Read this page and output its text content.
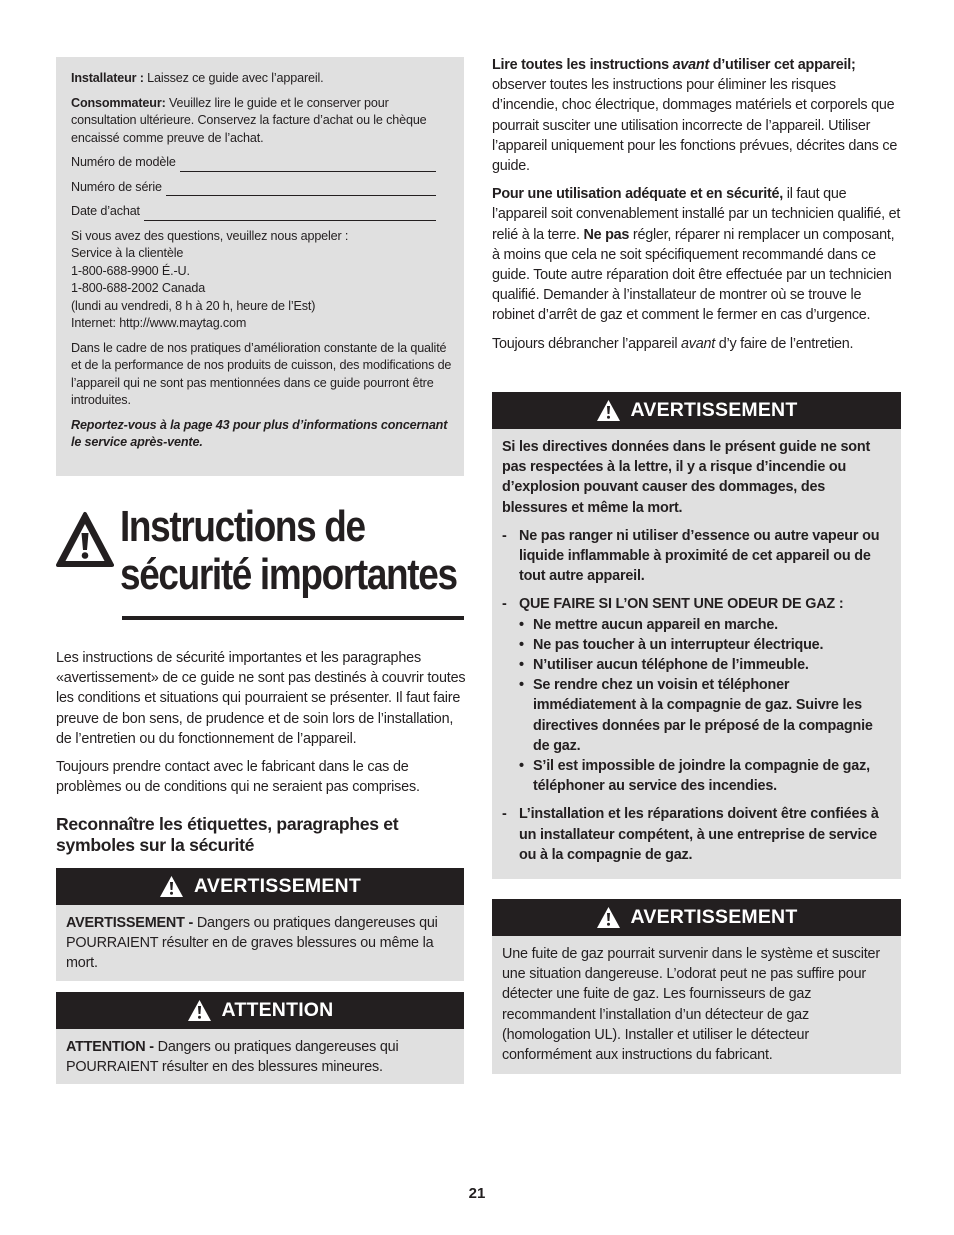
Installateur : Laissez ce guide avec l’appareil.

Consommateur: Veuillez lire le guide et le conserver pour consultation ultérieure. Conservez la facture d’achat ou le chèque encaissé comme preuve de l’achat.

Numéro de modèle
Numéro de série
Date d’achat
Si vous avez des questions, veuillez nous appeler :
Service à la clientèle
1-800-688-9900 É.-U.
1-800-688-2002 Canada
(lundi au vendredi, 8 h à 20 h, heure de l’Est)
Internet: http://www.maytag.com

Dans le cadre de nos pratiques d’amélioration constante de la qualité et de la performance de nos produits de cuisson, des modifications de l’appareil qui ne sont pas mentionnées dans ce guide pourront être introduites.

Reportez-vous à la page 43 pour plus d’informations concernant le service après-vente.

Instructions de
sécurité importantes

Les instructions de sécurité importantes et les paragraphes «avertissement» de ce guide ne sont pas destinés à couvrir toutes les conditions et situations qui pourraient se présenter. Il faut faire preuve de bon sens, de prudence et de soin lors de l’installation, de l’entretien ou du fonctionnement de l’appareil.

Toujours prendre contact avec le fabricant dans le cas de problèmes ou de conditions qui ne seraient pas comprises.

Reconnaître les étiquettes, paragraphes et symboles sur la sécurité
AVERTISSEMENT
AVERTISSEMENT - Dangers ou pratiques dangereuses qui POURRAIENT résulter en de graves blessures ou même la mort.
ATTENTION
ATTENTION - Dangers ou pratiques dangereuses qui POURRAIENT résulter en des blessures mineures.

Lire toutes les instructions avant d’utiliser cet appareil; observer toutes les instructions pour éliminer les risques d’incendie, choc électrique, dommages matériels et corporels que pourrait susciter une utilisation incorrecte de l’appareil. Utiliser l’appareil uniquement pour les fonctions prévues, décrites dans ce guide.

Pour une utilisation adéquate et en sécurité, il faut que l’appareil soit convenablement installé par un technicien qualifié, et relié à la terre. Ne pas régler, réparer ni remplacer un composant, à moins que cela ne soit spécifiquement recommandé dans ce guide. Toute autre réparation doit être effectuée par un technicien qualifié. Demander à l’installateur de montrer où se trouve le robinet d’arrêt de gaz et comment le fermer en cas d’urgence.

Toujours débrancher l’appareil avant d’y faire de l’entretien.

AVERTISSEMENT

Si les directives données dans le présent guide ne sont pas respectées à la lettre, il y a risque d’incendie ou d’explosion pouvant causer des dommages, des blessures et même la mort.

- Ne pas ranger ni utiliser d’essence ou autre vapeur ou liquide inflammable à proximité de cet appareil ou de tout autre appareil.
- QUE FAIRE SI L’ON SENT UNE ODEUR DE GAZ :
• Ne mettre aucun appareil en marche.
• Ne pas toucher à un interrupteur électrique.
• N’utiliser aucun téléphone de l’immeuble.
• Se rendre chez un voisin et téléphoner immédiatement à la compagnie de gaz. Suivre les directives données par le préposé de la compagnie de gaz.
• S’il est impossible de joindre la compagnie de gaz, téléphoner au service des incendies.
- L’installation et les réparations doivent être confiées à un installateur compétent, à une entreprise de service ou à la compagnie de gaz.
AVERTISSEMENT
Une fuite de gaz pourrait survenir dans le système et susciter une situation dangereuse. L’odorat peut ne pas suffire pour détecter une fuite de gaz. Les fournisseurs de gaz recommandent l’installation d’un détecteur de gaz (homologation UL). Installer et utiliser le détecteur conformément aux instructions du fabricant.
21
